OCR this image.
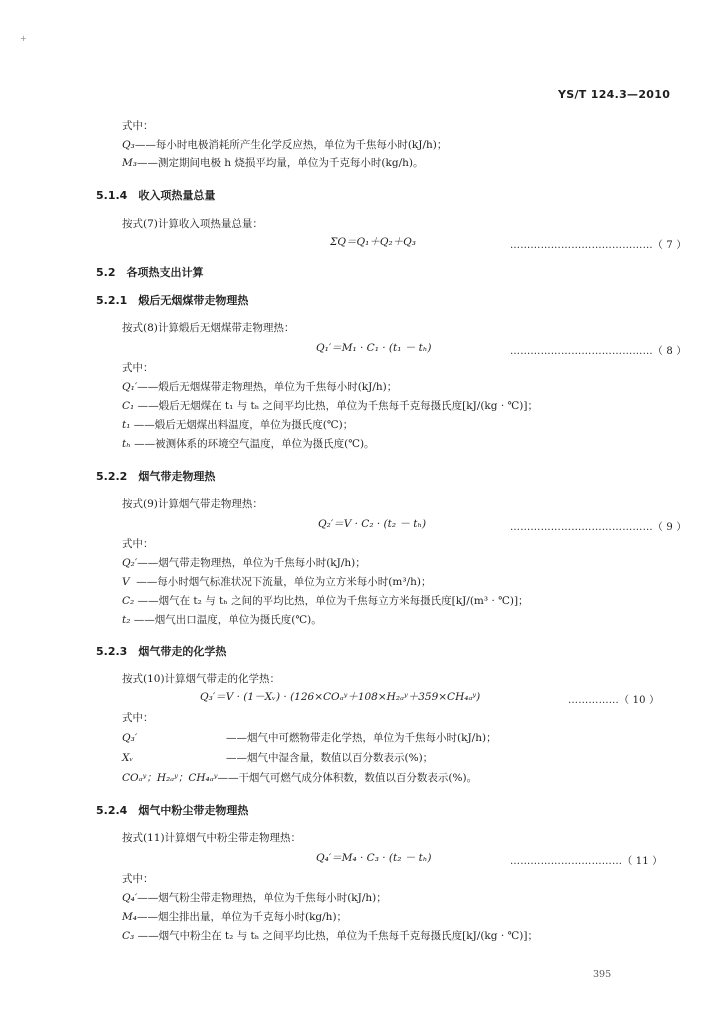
+
YS/T 124.3—2010
式中：
Q₃——每小时电极消耗所产生化学反应热，单位为千焦每小时(kJ/h)；
M₃——测定期间电极 h 烧损平均量，单位为千克每小时(kg/h)。
5.1.4　 收入项热量总量
按式(7)计算收入项热量总量：
ΣQ＝Q₁＋Q₂＋Q₃	……………………………………（ 7 ）
5.2　 各项热支出计算
5.2.1　 煅后无烟煤带走物理热
按式(8)计算煅后无烟煤带走物理热：
Q₁′＝M₁ · C₁ · (t₁ － tₕ)	……………………………………（ 8 ）
式中：
Q₁′——煅后无烟煤带走物理热，单位为千焦每小时(kJ/h)；
C₁ ——煅后无烟煤在 t₁ 与 tₕ 之间平均比热，单位为千焦每千克每摄氏度[kJ/(kg · ℃)]；
t₁ ——煅后无烟煤出料温度，单位为摄氏度(℃)；
tₕ ——被测体系的环境空气温度，单位为摄氏度(℃)。
5.2.2　 烟气带走物理热
按式(9)计算烟气带走物理热：
Q₂′＝V · C₂ · (t₂ － tₕ)	……………………………………（ 9 ）
式中：
Q₂′——烟气带走物理热，单位为千焦每小时(kJ/h)；
V ——每小时烟气标准状况下流量，单位为立方米每小时(m³/h)；
C₂ ——烟气在 t₂ 与 tₕ 之间的平均比热，单位为千焦每立方米每摄氏度[kJ/(m³ · ℃)]；
t₂ ——烟气出口温度，单位为摄氏度(℃)。
5.2.3　 烟气带走的化学热
按式(10)计算烟气带走的化学热：
Q₃′＝V · (1－Xᵥ) · (126×COₐʸ＋108×H₂ₐʸ＋359×CH₄ₐʸ)	……………（ 10 ）
式中：
Q₃′	——烟气中可燃物带走化学热，单位为千焦每小时(kJ/h)；
Xᵥ	——烟气中湿含量，数值以百分数表示(%)；
COₐʸ；H₂ₐʸ；CH₄ₐʸ——干烟气可燃气成分体积数，数值以百分数表示(%)。
5.2.4　 烟气中粉尘带走物理热
按式(11)计算烟气中粉尘带走物理热：
Q₄′＝M₄ · C₃ · (t₂ － tₕ)	……………………………（ 11 ）
式中：
Q₄′——烟气粉尘带走物理热，单位为千焦每小时(kJ/h)；
M₄——烟尘排出量，单位为千克每小时(kg/h)；
C₃ ——烟气中粉尘在 t₂ 与 tₕ 之间平均比热，单位为千焦每千克每摄氏度[kJ/(kg · ℃)]；
395
